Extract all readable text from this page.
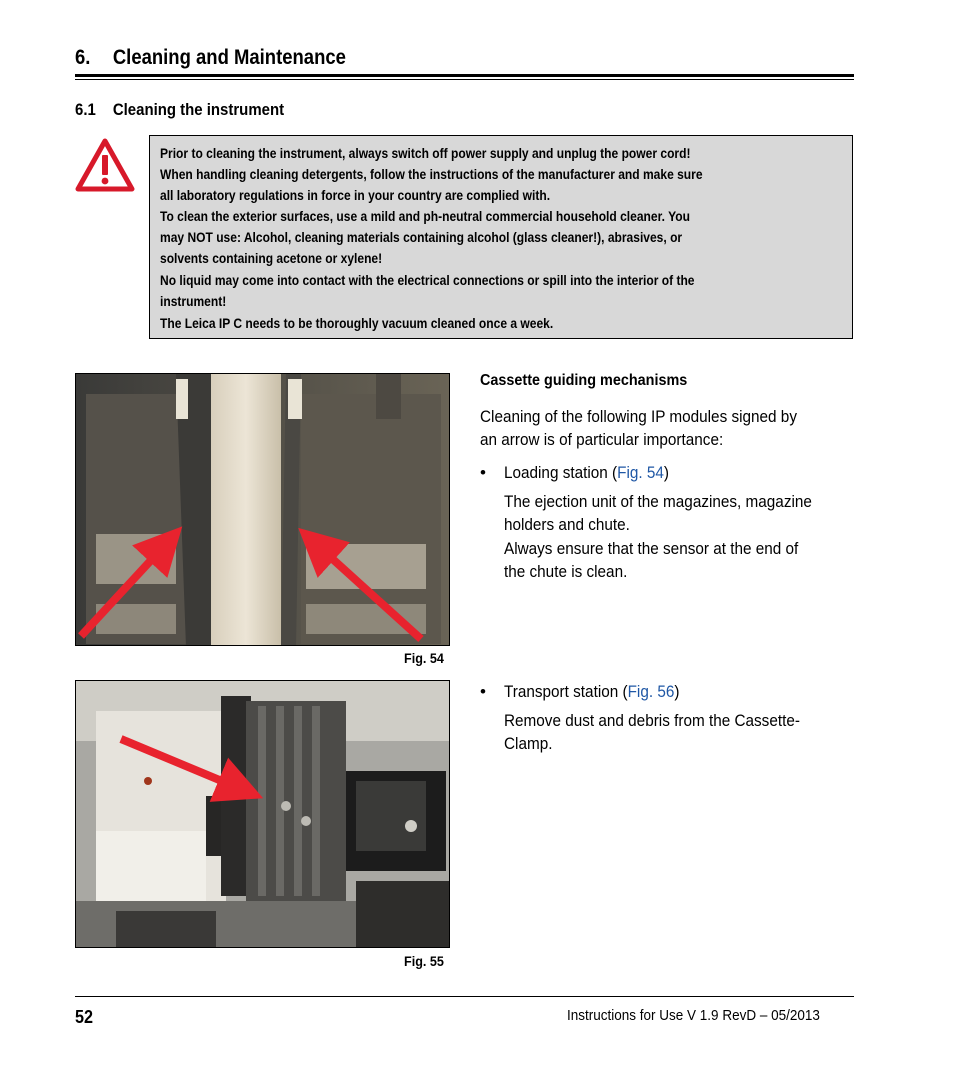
6. Cleaning and Maintenance
6.1 Cleaning the instrument

Prior to cleaning the instrument, always switch off power supply and unplug the power cord!

When handling cleaning detergents, follow the instructions of the manufacturer and make sure

all laboratory regulations in force in your country are complied with.

To clean the exterior surfaces, use a mild and ph-neutral commercial household cleaner. You

may NOT use: Alcohol, cleaning materials containing alcohol (glass cleaner!), abrasives, or

solvents containing acetone or xylene!

No liquid may come into contact with the electrical connections or spill into the interior of the

instrument!

The Leica IP C needs to be thoroughly vacuum cleaned once a week.

Fig. 54
Fig. 55
Cassette guiding mechanisms
Cleaning of the following IP modules signed by
an arrow is of particular importance:
• Loading station (Fig. 54)
The ejection unit of the magazines, magazine
holders and chute.
Always ensure that the sensor at the end of
the chute is clean.
• Transport station (Fig. 56)
Remove dust and debris from the Cassette-
Clamp.
52	Instructions for Use V 1.9 RevD – 05/2013
